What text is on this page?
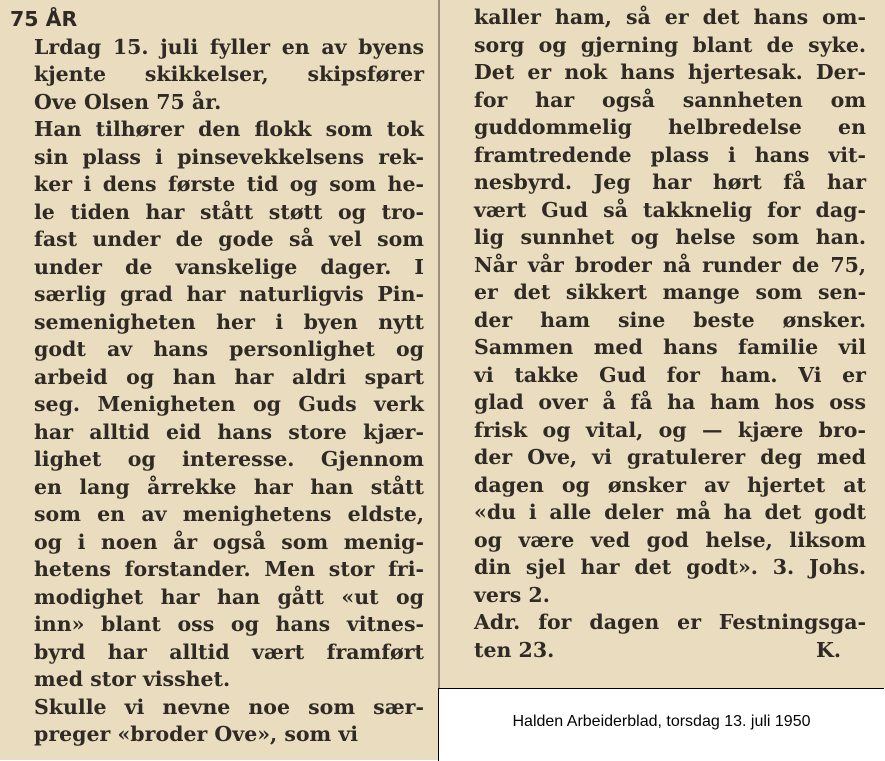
75 ÅR
Lrdag 15. juli fyller en av byens
kjente skikkelser, skipsfører
Ove Olsen 75 år.
Han tilhører den flokk som tok
sin plass i pinsevekkelsens rek-
ker i dens første tid og som he-
le tiden har stått støtt og tro-
fast under de gode så vel som
under de vanskelige dager. I
særlig grad har naturligvis Pin-
semenigheten her i byen nytt
godt av hans personlighet og
arbeid og han har aldri spart
seg. Menigheten og Guds verk
har alltid eid hans store kjær-
lighet og interesse. Gjennom
en lang årrekke har han stått
som en av menighetens eldste,
og i noen år også som menig-
hetens forstander. Men stor fri-
modighet har han gått «ut og
inn» blant oss og hans vitnes-
byrd har alltid vært framført
med stor visshet.
Skulle vi nevne noe som sær-
preger «broder Ove», som vi
kaller ham, så er det hans om-
sorg og gjerning blant de syke.
Det er nok hans hjertesak. Der-
for har også sannheten om
guddommelig helbredelse en
framtredende plass i hans vit-
nesbyrd. Jeg har hørt få har
vært Gud så takknelig for dag-
lig sunnhet og helse som han.
Når vår broder nå runder de 75,
er det sikkert mange som sen-
der ham sine beste ønsker.
Sammen med hans familie vil
vi takke Gud for ham. Vi er
glad over å få ha ham hos oss
frisk og vital, og — kjære bro-
der Ove, vi gratulerer deg med
dagen og ønsker av hjertet at
«du i alle deler må ha det godt
og være ved god helse, liksom
din sjel har det godt». 3. Johs.
vers 2.
Adr. for dagen er Festningsga-
ten 23.	K.
Halden Arbeiderblad, torsdag 13. juli 1950
